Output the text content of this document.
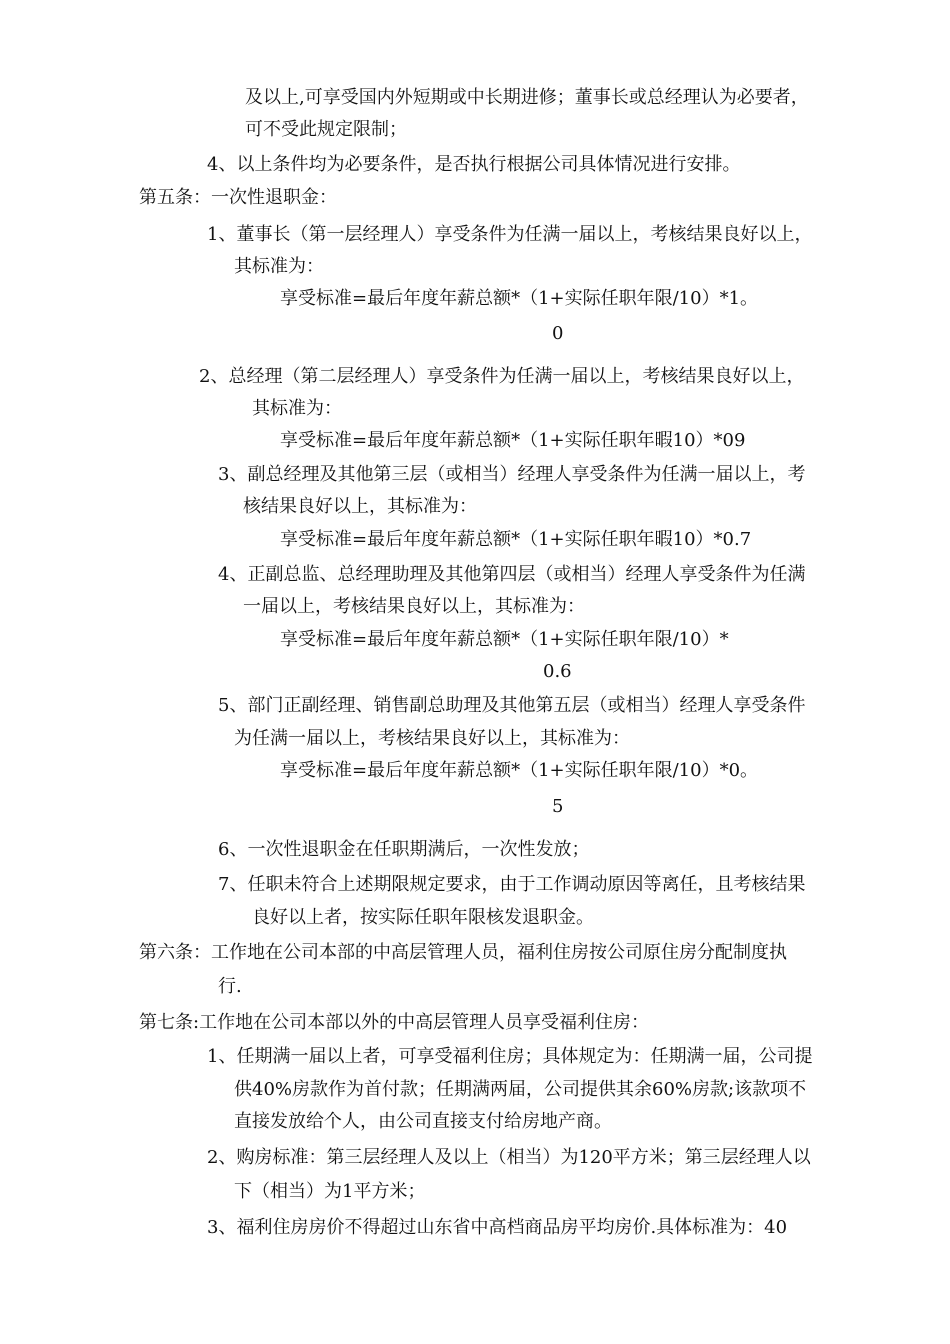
及以上,可享受国内外短期或中长期进修；董事长或总经理认为必要者，
可不受此规定限制；
4、以上条件均为必要条件，是否执行根据公司具体情况进行安排。
第五条：一次性退职金：
1、董事长（第一层经理人）享受条件为任满一届以上，考核结果良好以上，
其标准为：
享受标准=最后年度年薪总额*（1+实际任职年限/10）*1。
0
2、总经理（第二层经理人）享受条件为任满一届以上，考核结果良好以上，
其标准为：
享受标准=最后年度年薪总额*（1+实际任职年暇10）*09
3、副总经理及其他第三层（或相当）经理人享受条件为任满一届以上，考
核结果良好以上，其标准为：
享受标准=最后年度年薪总额*（1+实际任职年暇10）*0.7
4、正副总监、总经理助理及其他第四层（或相当）经理人享受条件为任满
一届以上，考核结果良好以上，其标准为：
享受标准=最后年度年薪总额*（1+实际任职年限/10）*
0.6
5、部门正副经理、销售副总助理及其他第五层（或相当）经理人享受条件
为任满一届以上，考核结果良好以上，其标准为：
享受标准=最后年度年薪总额*（1+实际任职年限/10）*0。
5
6、一次性退职金在任职期满后，一次性发放；
7、任职未符合上述期限规定要求，由于工作调动原因等离任，且考核结果
良好以上者，按实际任职年限核发退职金。
第六条：工作地在公司本部的中高层管理人员，福利住房按公司原住房分配制度执
行.
第七条:工作地在公司本部以外的中高层管理人员享受福利住房：
1、任期满一届以上者，可享受福利住房；具体规定为：任期满一届，公司提
供40%房款作为首付款；任期满两届，公司提供其余60%房款;该款项不
直接发放给个人，由公司直接支付给房地产商。
2、购房标准：第三层经理人及以上（相当）为120平方米；第三层经理人以
下（相当）为1平方米；
3、福利住房房价不得超过山东省中高档商品房平均房价.具体标准为：40
